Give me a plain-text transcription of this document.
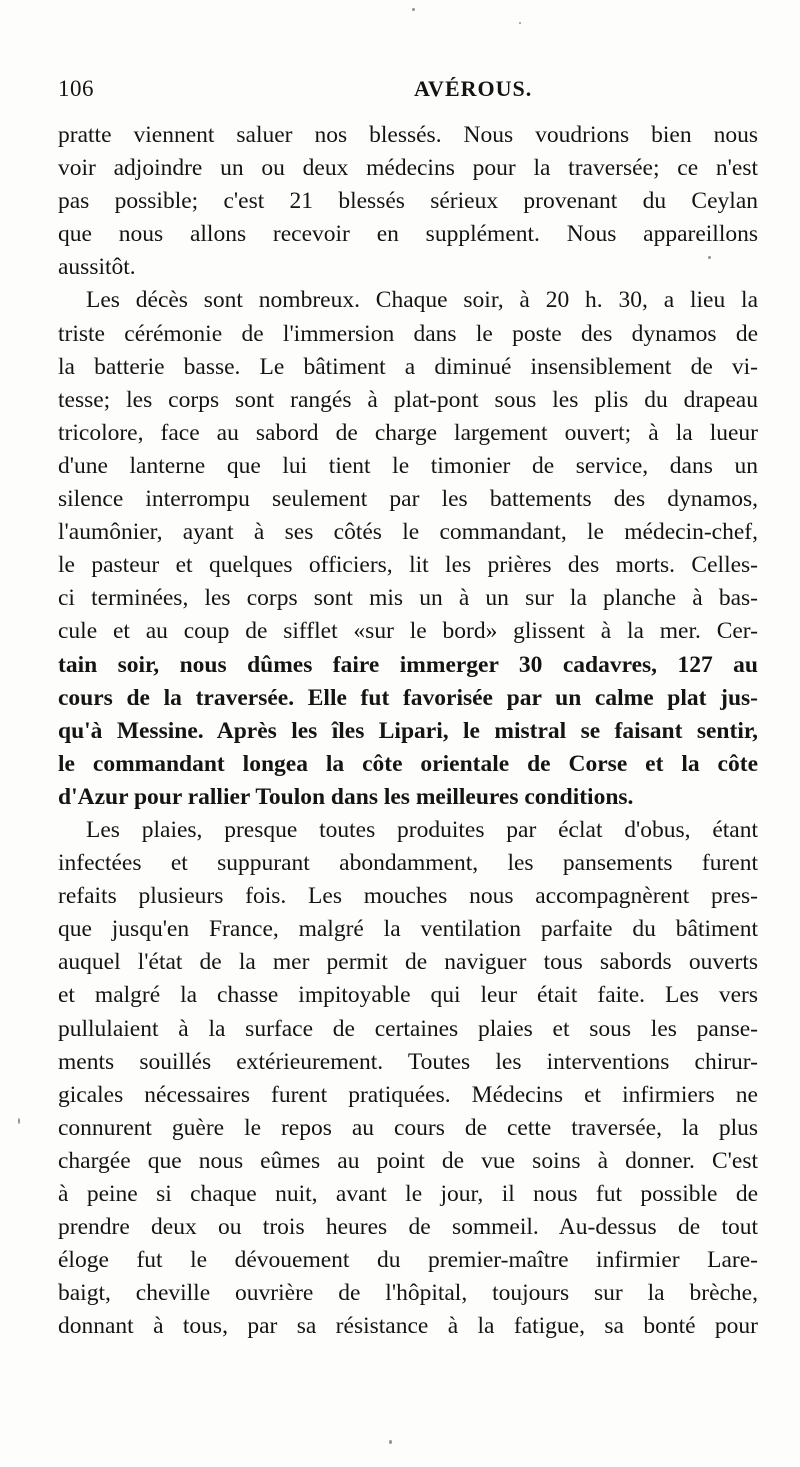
106	AVÉROUS.
pratte viennent saluer nos blessés. Nous voudrions bien nous
voir adjoindre un ou deux médecins pour la traversée; ce n'est
pas possible; c'est 21 blessés sérieux provenant du Ceylan
que nous allons recevoir en supplément. Nous appareillons
aussitôt.
Les décès sont nombreux. Chaque soir, à 20 h. 30, a lieu la
triste cérémonie de l'immersion dans le poste des dynamos de
la batterie basse. Le bâtiment a diminué insensiblement de vi-
tesse; les corps sont rangés à plat-pont sous les plis du drapeau
tricolore, face au sabord de charge largement ouvert; à la lueur
d'une lanterne que lui tient le timonier de service, dans un
silence interrompu seulement par les battements des dynamos,
l'aumônier, ayant à ses côtés le commandant, le médecin-chef,
le pasteur et quelques officiers, lit les prières des morts. Celles-
ci terminées, les corps sont mis un à un sur la planche à bas-
cule et au coup de sifflet «sur le bord» glissent à la mer. Cer-
tain soir, nous dûmes faire immerger 30 cadavres, 127 au
cours de la traversée. Elle fut favorisée par un calme plat jus-
qu'à Messine. Après les îles Lipari, le mistral se faisant sentir,
le commandant longea la côte orientale de Corse et la côte
d'Azur pour rallier Toulon dans les meilleures conditions.
Les plaies, presque toutes produites par éclat d'obus, étant
infectées et suppurant abondamment, les pansements furent
refaits plusieurs fois. Les mouches nous accompagnèrent pres-
que jusqu'en France, malgré la ventilation parfaite du bâtiment
auquel l'état de la mer permit de naviguer tous sabords ouverts
et malgré la chasse impitoyable qui leur était faite. Les vers
pullulaient à la surface de certaines plaies et sous les panse-
ments souillés extérieurement. Toutes les interventions chirur-
gicales nécessaires furent pratiquées. Médecins et infirmiers ne
connurent guère le repos au cours de cette traversée, la plus
chargée que nous eûmes au point de vue soins à donner. C'est
à peine si chaque nuit, avant le jour, il nous fut possible de
prendre deux ou trois heures de sommeil. Au-dessus de tout
éloge fut le dévouement du premier-maître infirmier Lare-
baigt, cheville ouvrière de l'hôpital, toujours sur la brèche,
donnant à tous, par sa résistance à la fatigue, sa bonté pour
